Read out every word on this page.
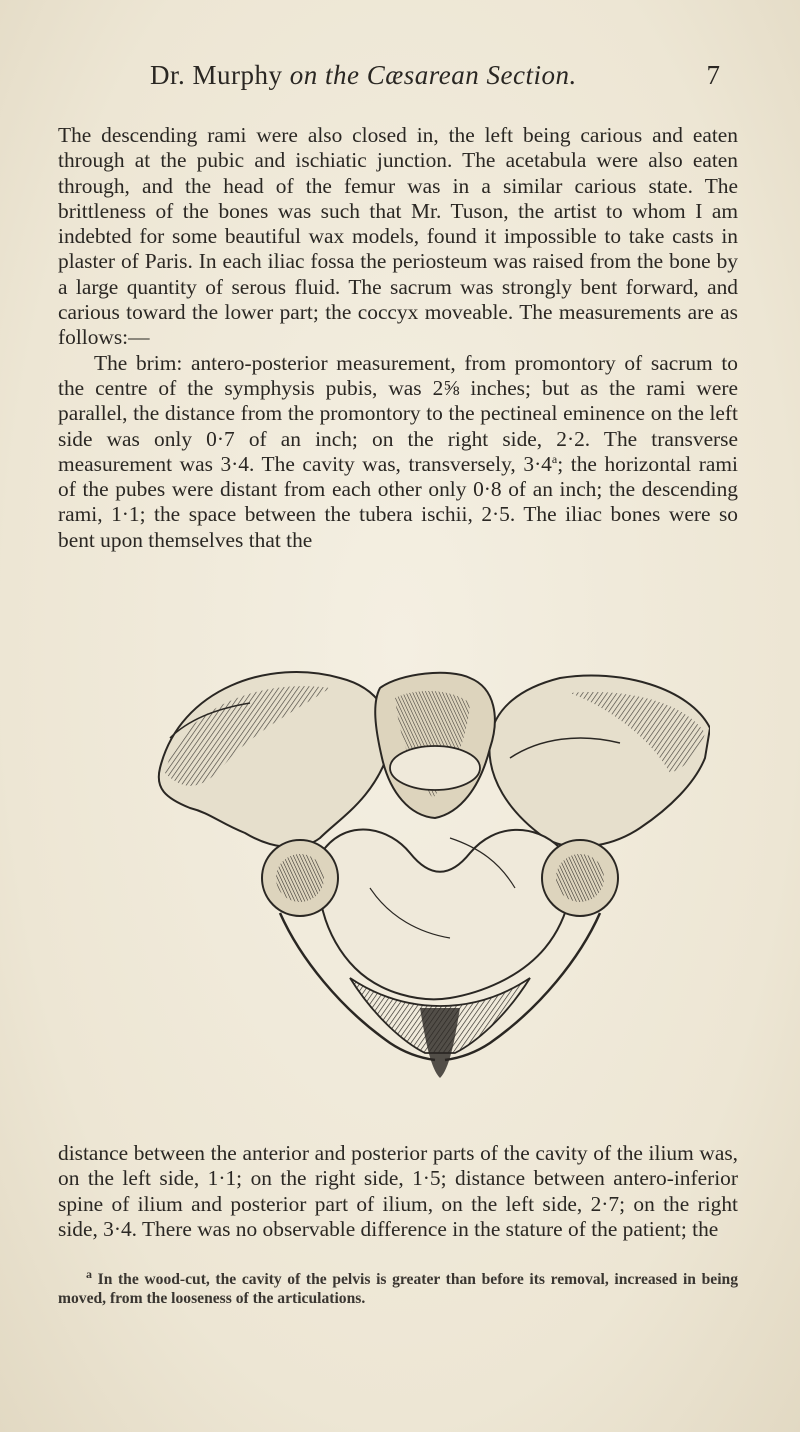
Dr. Murphy on the Cæsarean Section.	7

The descending rami were also closed in, the left being carious and eaten through at the pubic and ischiatic junction. The acetabula were also eaten through, and the head of the femur was in a similar carious state. The brittleness of the bones was such that Mr. Tuson, the artist to whom I am indebted for some beautiful wax models, found it impossible to take casts in plaster of Paris. In each iliac fossa the periosteum was raised from the bone by a large quantity of serous fluid. The sacrum was strongly bent forward, and carious toward the lower part; the coccyx moveable. The measurements are as follows:—

The brim: antero-posterior measurement, from promontory of sacrum to the centre of the symphysis pubis, was 2⅝ inches; but as the rami were parallel, the distance from the promontory to the pectineal eminence on the left side was only 0·7 of an inch; on the right side, 2·2. The transverse measurement was 3·4. The cavity was, transversely, $3\cdot 4^a$; the horizontal rami of the pubes were distant from each other only 0·8 of an inch; the descending rami, 1·1; the space between the tubera ischii, 2·5. The iliac bones were so bent upon themselves that the

distance between the anterior and posterior parts of the cavity of the ilium was, on the left side, 1·1; on the right side, 1·5; distance between antero-inferior spine of ilium and posterior part of ilium, on the left side, 2·7; on the right side, 3·4. There was no observable difference in the stature of the patient; the

$^a$ In the wood-cut, the cavity of the pelvis is greater than before its removal, increased in being moved, from the looseness of the articulations.
